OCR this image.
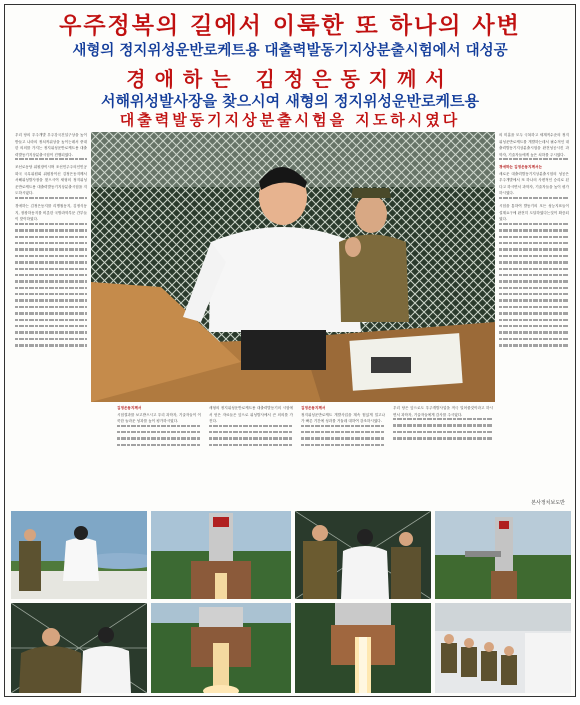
우주정복의 길에서 이룩한 또 하나의 사변
새형의 정지위성운반로케트용 대출력발동기지상분출시험에서 대성공
경애하는 김정은동지께서
서해위성발사장을 찾으시여 새형의 정지위성운반로케트용
대출력발동기지상분출시험을 지도하시였다

우리 당의 우주개발 우주강국건설구상을 높이 받들고 나라의 정치적위상을 높이는데서 중대한 의의를 가지는 정지위성운반로케트용 대출력발동기지상분출시험이 진행되였다.

조선로동당 위원장이시며 조선민주주의인민공화국 국무위원회 위원장이신 김정은동지께서 서해위성발사장을 찾으시여 새형의 정지위성운반로케트용 대출력발동기지상분출시험을 지도하시였다.

경애하는 김정은동지를 리병철동지, 김정식동지, 장창하동지를 비롯한 국방과학부문 간부들이 맞이하였다.

의 미흡을 모두 극복하고 세계적수준의 정지위성운반로케트를 개발하는데서 필수적인 대출력발동기지상분출시험을 완전성공시킨 과학자, 기술자들에게 높은 치하를 주시였다.

경애하는 김정은동지께서는

새로운 대출력발동기지상분출시험의 성공은 우주개발에서 또 하나의 사변적인 승리로 된다고 하시면서 과학자, 기술자들을 높이 평가하시였다.

시험을 통하여 발동기의 모든 성능지표들이 설계요구에 완전히 도달하였다는것이 확증되였다.

김정은동지께서

시험결과를 보고받으시고 우리 과학자, 기술자들이 이룩한 놀라운 성과를 높이 평가하시였다.

새형의 정지위성운반로케트용 대출력발동기의 시험에서 얻은 자료들은 앞으로 위성발사에서 큰 의의를 가진다.

김정은동지께서

정지위성운반로케트 개발사업을 계속 힘있게 밀고나가 빠른 기간에 성과를 거둘데 대하여 강조하시였다.

우리 당은 앞으로도 우주개발사업을 적극 밀어줄것이라고 하시면서 과학자, 기술자들에게 감사를 주시였다.

본사정치보도반
